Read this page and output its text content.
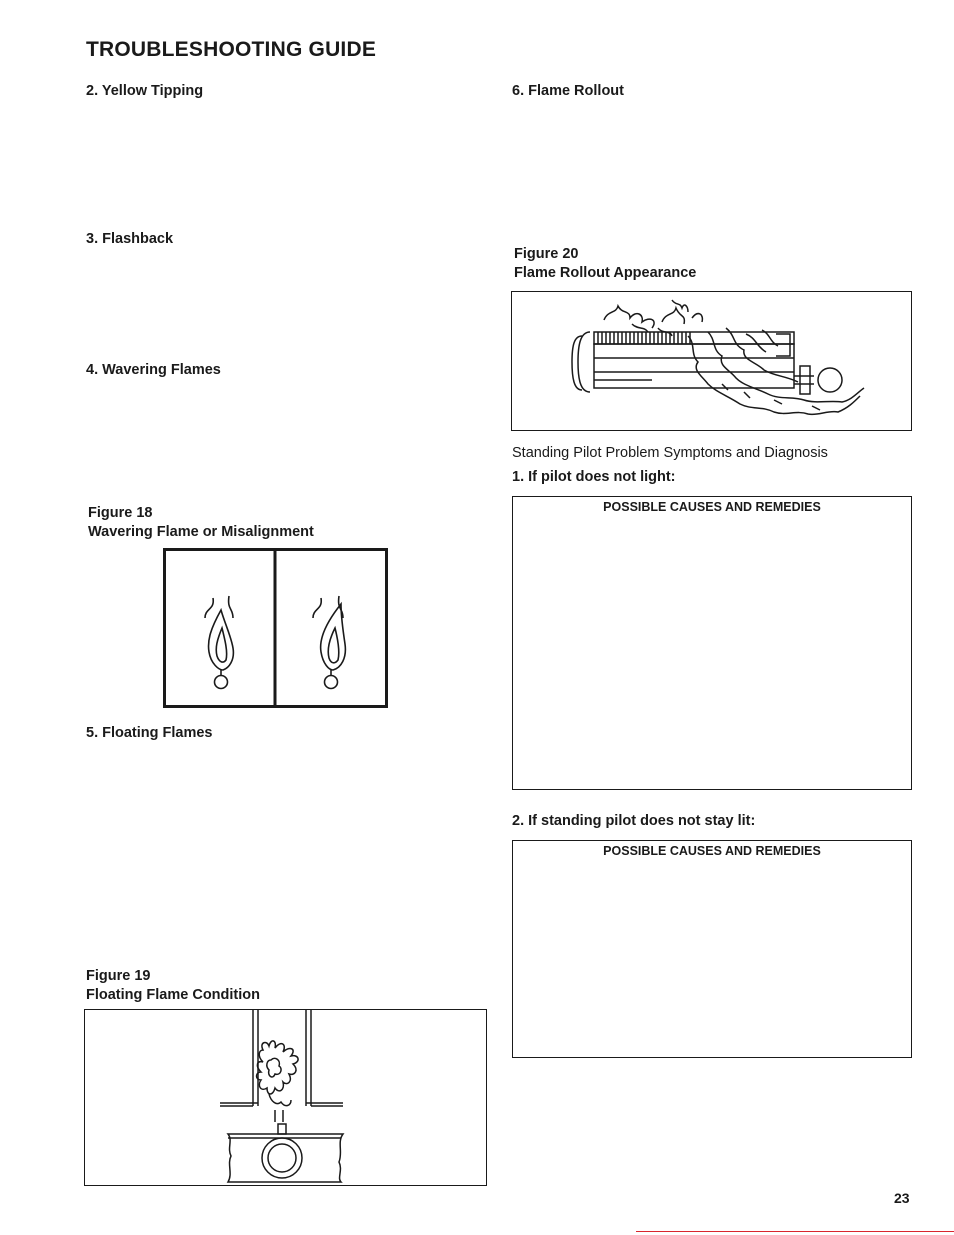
TROUBLESHOOTING GUIDE
2. Yellow Tipping
3. Flashback
4. Wavering Flames
Figure 18
Wavering Flame or Misalignment
5. Floating Flames
Figure 19
Floating Flame Condition
6. Flame Rollout
Figure 20
Flame Rollout Appearance
Standing Pilot Problem Symptoms and Diagnosis
1. If pilot does not light:
POSSIBLE CAUSES AND REMEDIES
2. If standing pilot does not stay lit:
POSSIBLE CAUSES AND REMEDIES
23
